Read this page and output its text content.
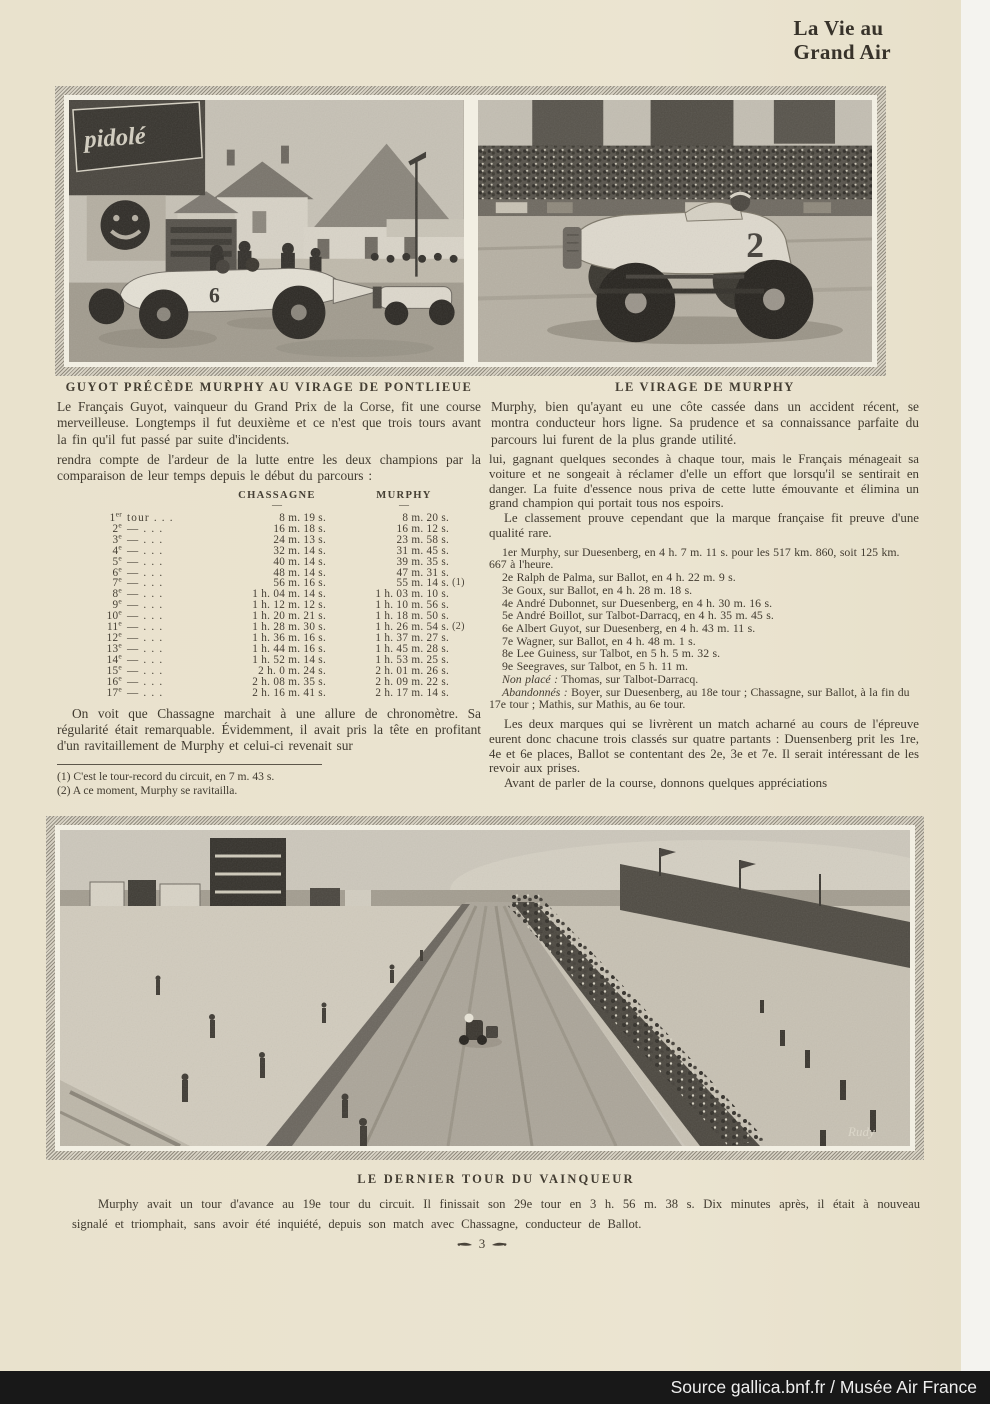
La Vie au
Grand Air
pidolé
6
2

GUYOT PRÉCÈDE MURPHY AU VIRAGE DE PONTLIEUE

Le Français Guyot, vainqueur du Grand Prix de la Corse, fit une course merveilleuse. Longtemps il fut deuxième et ce n'est que trois tours avant la fin qu'il fut passé par suite d'incidents.

LE VIRAGE DE MURPHY

Murphy, bien qu'ayant eu une côte cassée dans un accident récent, se montra conducteur hors ligne. Sa prudence et sa connaissance parfaite du parcours lui furent de la plus grande utilité.

rendra compte de l'ardeur de la lutte entre les deux champions par la comparaison de leur temps depuis le début du parcours :

CHASSAGNE	MURPHY
—	—
1er tour . . .	8 m. 19 s.	8 m. 20 s.
2e — . . .	16 m. 18 s.	16 m. 12 s.
3e — . . .	24 m. 13 s.	23 m. 58 s.
4e — . . .	32 m. 14 s.	31 m. 45 s.
5e — . . .	40 m. 14 s.	39 m. 35 s.
6e — . . .	48 m. 14 s.	47 m. 31 s.
7e — . . .	56 m. 16 s.	55 m. 14 s. (1)
8e — . . .	1 h. 04 m. 14 s.	1 h. 03 m. 10 s.
9e — . . .	1 h. 12 m. 12 s.	1 h. 10 m. 56 s.
10e — . . .	1 h. 20 m. 21 s.	1 h. 18 m. 50 s.
11e — . . .	1 h. 28 m. 30 s.	1 h. 26 m. 54 s. (2)
12e — . . .	1 h. 36 m. 16 s.	1 h. 37 m. 27 s.
13e — . . .	1 h. 44 m. 16 s.	1 h. 45 m. 28 s.
14e — . . .	1 h. 52 m. 14 s.	1 h. 53 m. 25 s.
15e — . . .	2 h. 0 m. 24 s.	2 h. 01 m. 26 s.
16e — . . .	2 h. 08 m. 35 s.	2 h. 09 m. 22 s.
17e — . . .	2 h. 16 m. 41 s.	2 h. 17 m. 14 s.

On voit que Chassagne marchait à une allure de chronomètre. Sa régularité était remarquable. Évidemment, il avait pris la tête en profitant d'un ravitaillement de Murphy et celui-ci revenait sur

(1) C'est le tour-record du circuit, en 7 m. 43 s.

(2) A ce moment, Murphy se ravitailla.

lui, gagnant quelques secondes à chaque tour, mais le Français ménageait sa voiture et ne songeait à réclamer d'elle un effort que lorsqu'il se sentirait en danger. La fuite d'essence nous priva de cette lutte émouvante et élimina un grand champion qui portait tous nos espoirs.

Le classement prouve cependant que la marque française fit preuve d'une qualité rare.

1er Murphy, sur Duesenberg, en 4 h. 7 m. 11 s. pour les 517 km. 860, soit 125 km. 667 à l'heure.

2e Ralph de Palma, sur Ballot, en 4 h. 22 m. 9 s.

3e Goux, sur Ballot, en 4 h. 28 m. 18 s.

4e André Dubonnet, sur Duesenberg, en 4 h. 30 m. 16 s.

5e André Boillot, sur Talbot-Darracq, en 4 h. 35 m. 45 s.

6e Albert Guyot, sur Duesenberg, en 4 h. 43 m. 11 s.

7e Wagner, sur Ballot, en 4 h. 48 m. 1 s.

8e Lee Guiness, sur Talbot, en 5 h. 5 m. 32 s.

9e Seegraves, sur Talbot, en 5 h. 11 m.

Non placé : Thomas, sur Talbot-Darracq.

Abandonnés : Boyer, sur Duesenberg, au 18e tour ; Chassagne, sur Ballot, à la fin du 17e tour ; Mathis, sur Mathis, au 6e tour.

Les deux marques qui se livrèrent un match acharné au cours de l'épreuve eurent donc chacune trois classés sur quatre partants : Duensenberg prit les 1re, 4e et 6e places, Ballot se contentant des 2e, 3e et 7e. Il serait intéressant de les revoir aux prises.

Avant de parler de la course, donnons quelques appréciations

Rudy

LE DERNIER TOUR DU VAINQUEUR

Murphy avait un tour d'avance au 19e tour du circuit. Il finissait son 29e tour en 3 h. 56 m. 38 s. Dix minutes après, il était à nouveau signalé et triomphait, sans avoir été inquiété, depuis son match avec Chassagne, conducteur de Ballot.

3
Source gallica.bnf.fr / Musée Air France
